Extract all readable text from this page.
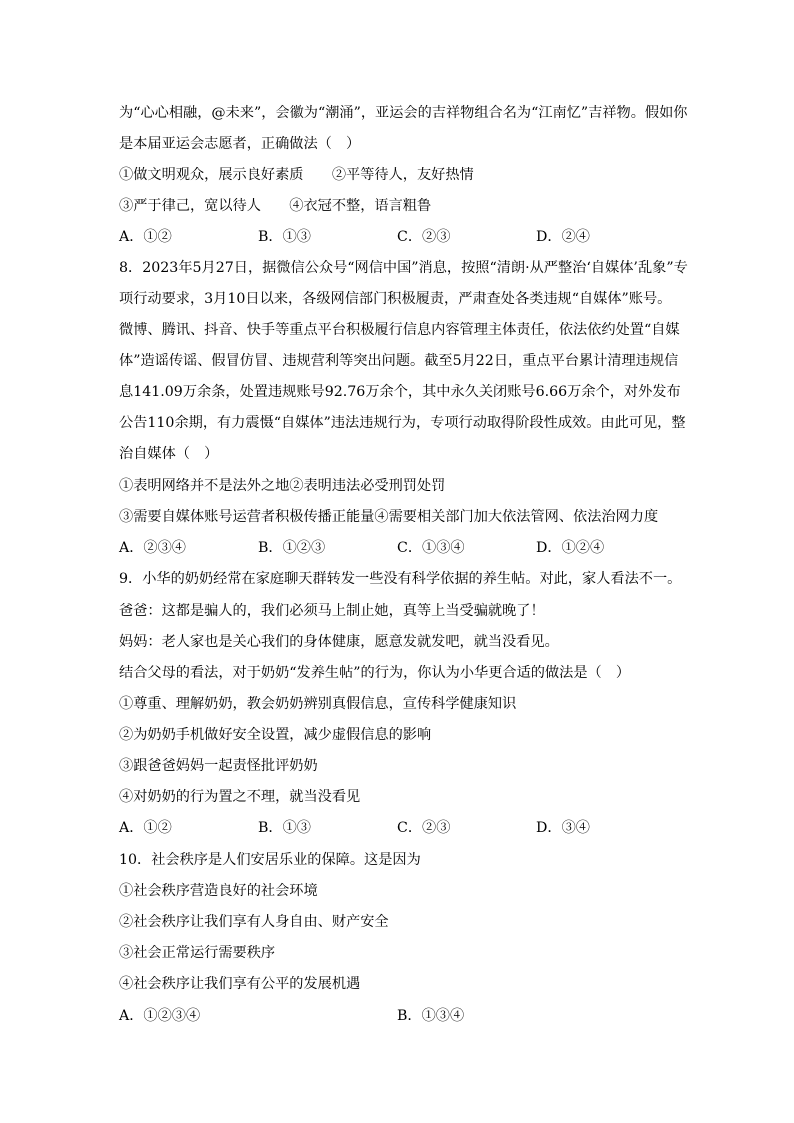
为“心心相融，@未来”，会徽为“潮涌”，亚运会的吉祥物组合名为“江南忆”吉祥物。假如你
是本届亚运会志愿者，正确做法（　）
①做文明观众，展示良好素质　　②平等待人，友好热情
③严于律己，宽以待人　　④衣冠不整，语言粗鲁
A．①②	B．①③	C．②③	D．②④
8．2023年5月27日，据微信公众号“网信中国”消息，按照“清朗·从严整治‘自媒体’乱象”专
项行动要求，3月10日以来，各级网信部门积极履责，严肃查处各类违规“自媒体”账号。
微博、腾讯、抖音、快手等重点平台积极履行信息内容管理主体责任，依法依约处置“自媒
体”造谣传谣、假冒仿冒、违规营利等突出问题。截至5月22日，重点平台累计清理违规信
息141.09万余条，处置违规账号92.76万余个，其中永久关闭账号6.66万余个，对外发布
公告110余期，有力震慑“自媒体”违法违规行为，专项行动取得阶段性成效。由此可见，整
治自媒体（　）
①表明网络并不是法外之地②表明违法必受刑罚处罚
③需要自媒体账号运营者积极传播正能量④需要相关部门加大依法管网、依法治网力度
A．②③④	B．①②③	C．①③④	D．①②④
9．小华的奶奶经常在家庭聊天群转发一些没有科学依据的养生帖。对此，家人看法不一。
爸爸：这都是骗人的，我们必须马上制止她，真等上当受骗就晚了！
妈妈：老人家也是关心我们的身体健康，愿意发就发吧，就当没看见。
结合父母的看法，对于奶奶“发养生帖”的行为，你认为小华更合适的做法是（　）
①尊重、理解奶奶，教会奶奶辨别真假信息，宣传科学健康知识
②为奶奶手机做好安全设置，减少虚假信息的影响
③跟爸爸妈妈一起责怪批评奶奶
④对奶奶的行为置之不理，就当没看见
A．①②	B．①③	C．②③	D．③④
10．社会秩序是人们安居乐业的保障。这是因为
①社会秩序营造良好的社会环境
②社会秩序让我们享有人身自由、财产安全
③社会正常运行需要秩序
④社会秩序让我们享有公平的发展机遇
A．①②③④	B．①③④
